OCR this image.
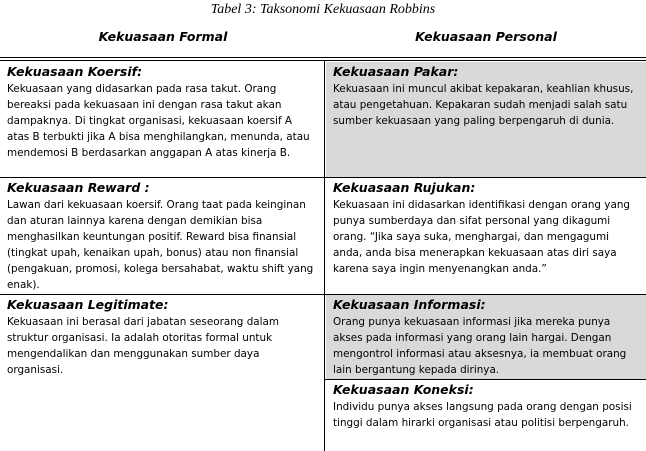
Tabel 3: Taksonomi Kekuasaan Robbins
Kekuasaan Formal	Kekuasaan Personal
Kekuasaan Koersif:

Kekuasaan yang didasarkan pada rasa takut. Orang bereaksi pada kekuasaan ini dengan rasa takut akan dampaknya. Di tingkat organisasi, kekuasaan koersif A atas B terbukti jika A bisa menghilangkan, menunda, atau mendemosi B berdasarkan anggapan A atas kinerja B.

Kekuasaan Reward :

Lawan dari kekuasaan koersif. Orang taat pada keinginan dan aturan lainnya karena dengan demikian bisa menghasilkan keuntungan positif. Reward bisa finansial (tingkat upah, kenaikan upah, bonus) atau non finansial (pengakuan, promosi, kolega bersahabat, waktu shift yang enak).

Kekuasaan Legitimate:

Kekuasaan ini berasal dari jabatan seseorang dalam struktur organisasi. Ia adalah otoritas formal untuk mengendalikan dan menggunakan sumber daya organisasi.

Kekuasaan Pakar:

Kekuasaan ini muncul akibat kepakaran, keahlian khusus, atau pengetahuan. Kepakaran sudah menjadi salah satu sumber kekuasaan yang paling berpengaruh di dunia.

Kekuasaan Rujukan:

Kekuasaan ini didasarkan identifikasi dengan orang yang punya sumberdaya dan sifat personal yang dikagumi orang. “Jika saya suka, menghargai, dan mengagumi anda, anda bisa menerapkan kekuasaan atas diri saya karena saya ingin menyenangkan anda.”

Kekuasaan Informasi:

Orang punya kekuasaan informasi jika mereka punya akses pada informasi yang orang lain hargai. Dengan mengontrol informasi atau aksesnya, ia membuat orang lain bergantung kepada dirinya.

Kekuasaan Koneksi:

Individu punya akses langsung pada orang dengan posisi tinggi dalam hirarki organisasi atau politisi berpengaruh.
